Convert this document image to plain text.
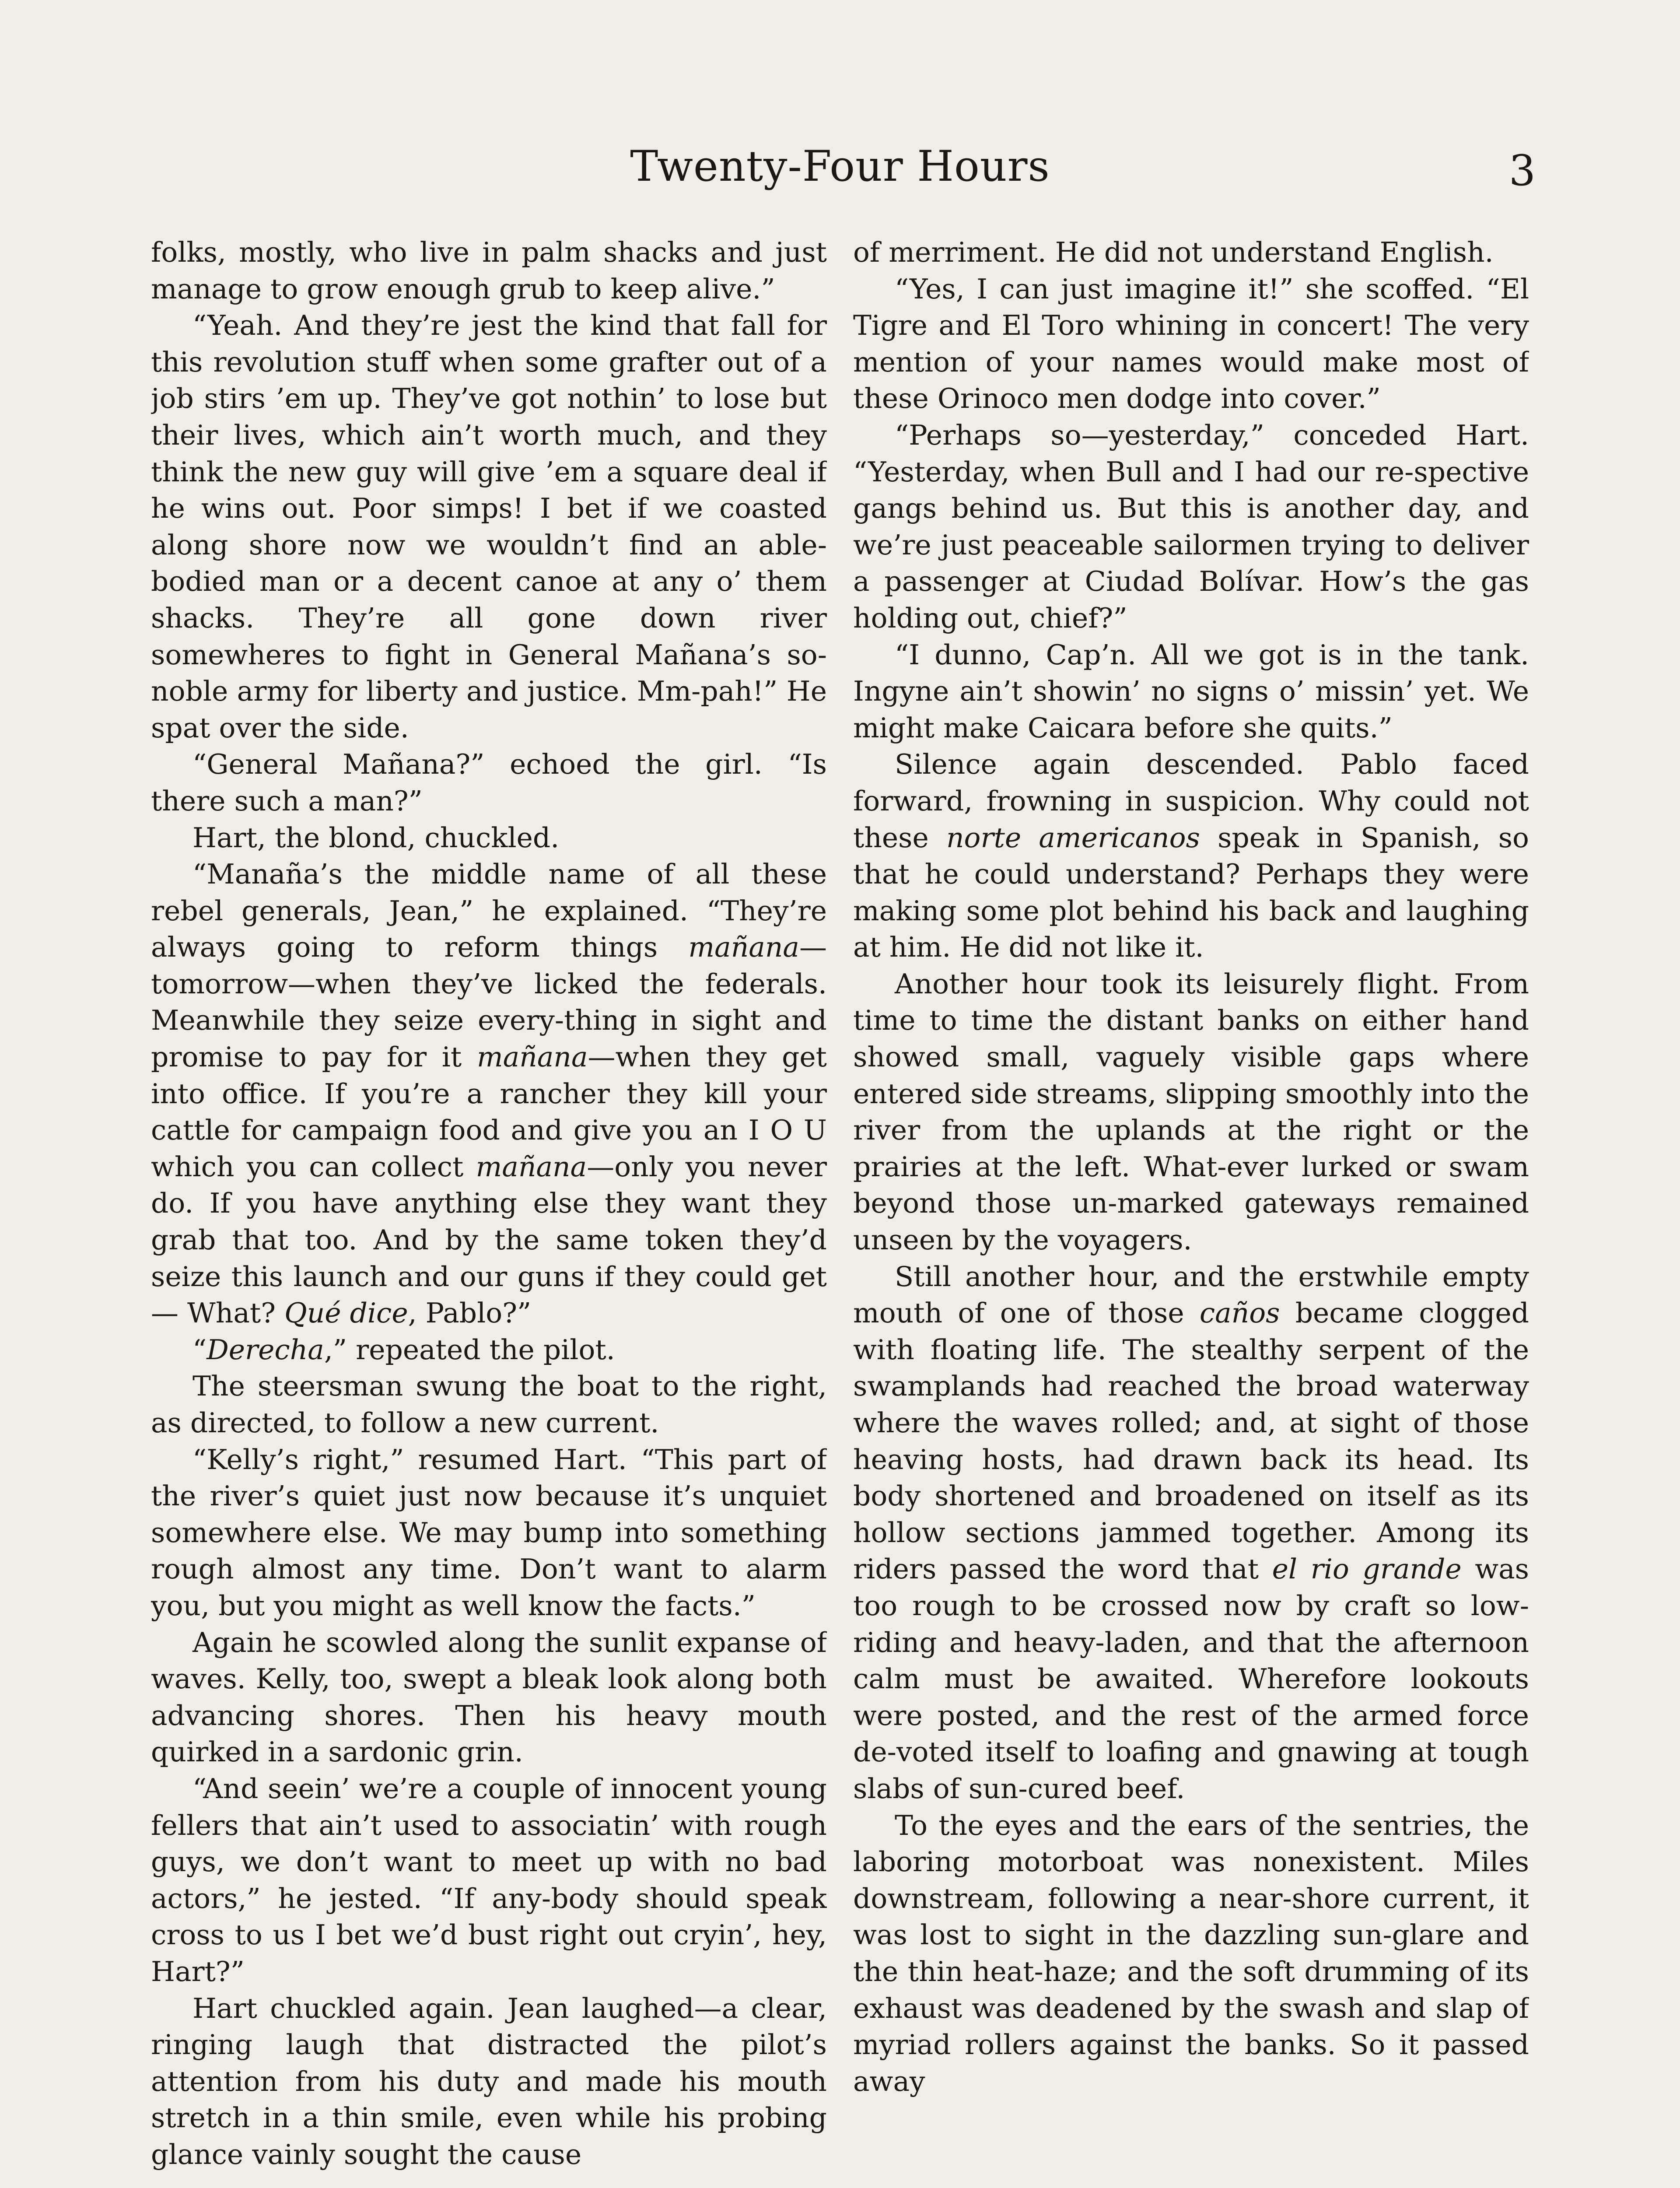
Twenty-Four Hours	3

folks, mostly, who live in palm shacks and just manage to grow enough grub to keep alive.”

“Yeah. And they’re jest the kind that fall for this revolution stuff when some grafter out of a job stirs ’em up. They’ve got nothin’ to lose but their lives, which ain’t worth much, and they think the new guy will give ’em a square deal if he wins out. Poor simps! I bet if we coasted along shore now we wouldn’t find an able-bodied man or a decent canoe at any o’ them shacks. They’re all gone down river somewheres to fight in General Mañana’s so-noble army for liberty and justice. Mm-pah!” He spat over the side.

“General Mañana?” echoed the girl. “Is there such a man?”

Hart, the blond, chuckled.

“Manaña’s the middle name of all these rebel generals, Jean,” he explained. “They’re always going to reform things mañana—tomorrow—when they’ve licked the federals. Meanwhile they seize every-thing in sight and promise to pay for it mañana—when they get into office. If you’re a rancher they kill your cattle for campaign food and give you an I O U which you can collect mañana—only you never do. If you have anything else they want they grab that too. And by the same token they’d seize this launch and our guns if they could get— What? Qué dice, Pablo?”

“Derecha,” repeated the pilot.

The steersman swung the boat to the right, as directed, to follow a new current.

“Kelly’s right,” resumed Hart. “This part of the river’s quiet just now because it’s unquiet somewhere else. We may bump into something rough almost any time. Don’t want to alarm you, but you might as well know the facts.”

Again he scowled along the sunlit expanse of waves. Kelly, too, swept a bleak look along both advancing shores. Then his heavy mouth quirked in a sardonic grin.

“And seein’ we’re a couple of innocent young fellers that ain’t used to associatin’ with rough guys, we don’t want to meet up with no bad actors,” he jested. “If any-body should speak cross to us I bet we’d bust right out cryin’, hey, Hart?”

Hart chuckled again. Jean laughed—a clear, ringing laugh that distracted the pilot’s attention from his duty and made his mouth stretch in a thin smile, even while his probing glance vainly sought the cause

of merriment. He did not understand English.

“Yes, I can just imagine it!” she scoffed. “El Tigre and El Toro whining in concert! The very mention of your names would make most of these Orinoco men dodge into cover.”

“Perhaps so—yesterday,” conceded Hart. “Yesterday, when Bull and I had our re-spective gangs behind us. But this is another day, and we’re just peaceable sailormen trying to deliver a passenger at Ciudad Bolívar. How’s the gas holding out, chief?”

“I dunno, Cap’n. All we got is in the tank. Ingyne ain’t showin’ no signs o’ missin’ yet. We might make Caicara before she quits.”

Silence again descended. Pablo faced forward, frowning in suspicion. Why could not these norte americanos speak in Spanish, so that he could understand? Perhaps they were making some plot behind his back and laughing at him. He did not like it.

Another hour took its leisurely flight. From time to time the distant banks on either hand showed small, vaguely visible gaps where entered side streams, slipping smoothly into the river from the uplands at the right or the prairies at the left. What-ever lurked or swam beyond those un-marked gateways remained unseen by the voyagers.

Still another hour, and the erstwhile empty mouth of one of those caños became clogged with floating life. The stealthy serpent of the swamplands had reached the broad waterway where the waves rolled; and, at sight of those heaving hosts, had drawn back its head. Its body shortened and broadened on itself as its hollow sections jammed together. Among its riders passed the word that el rio grande was too rough to be crossed now by craft so low-riding and heavy-laden, and that the afternoon calm must be awaited. Wherefore lookouts were posted, and the rest of the armed force de-voted itself to loafing and gnawing at tough slabs of sun-cured beef.

To the eyes and the ears of the sentries, the laboring motorboat was nonexistent. Miles downstream, following a near-shore current, it was lost to sight in the dazzling sun-glare and the thin heat-haze; and the soft drumming of its exhaust was deadened by the swash and slap of myriad rollers against the banks. So it passed away
